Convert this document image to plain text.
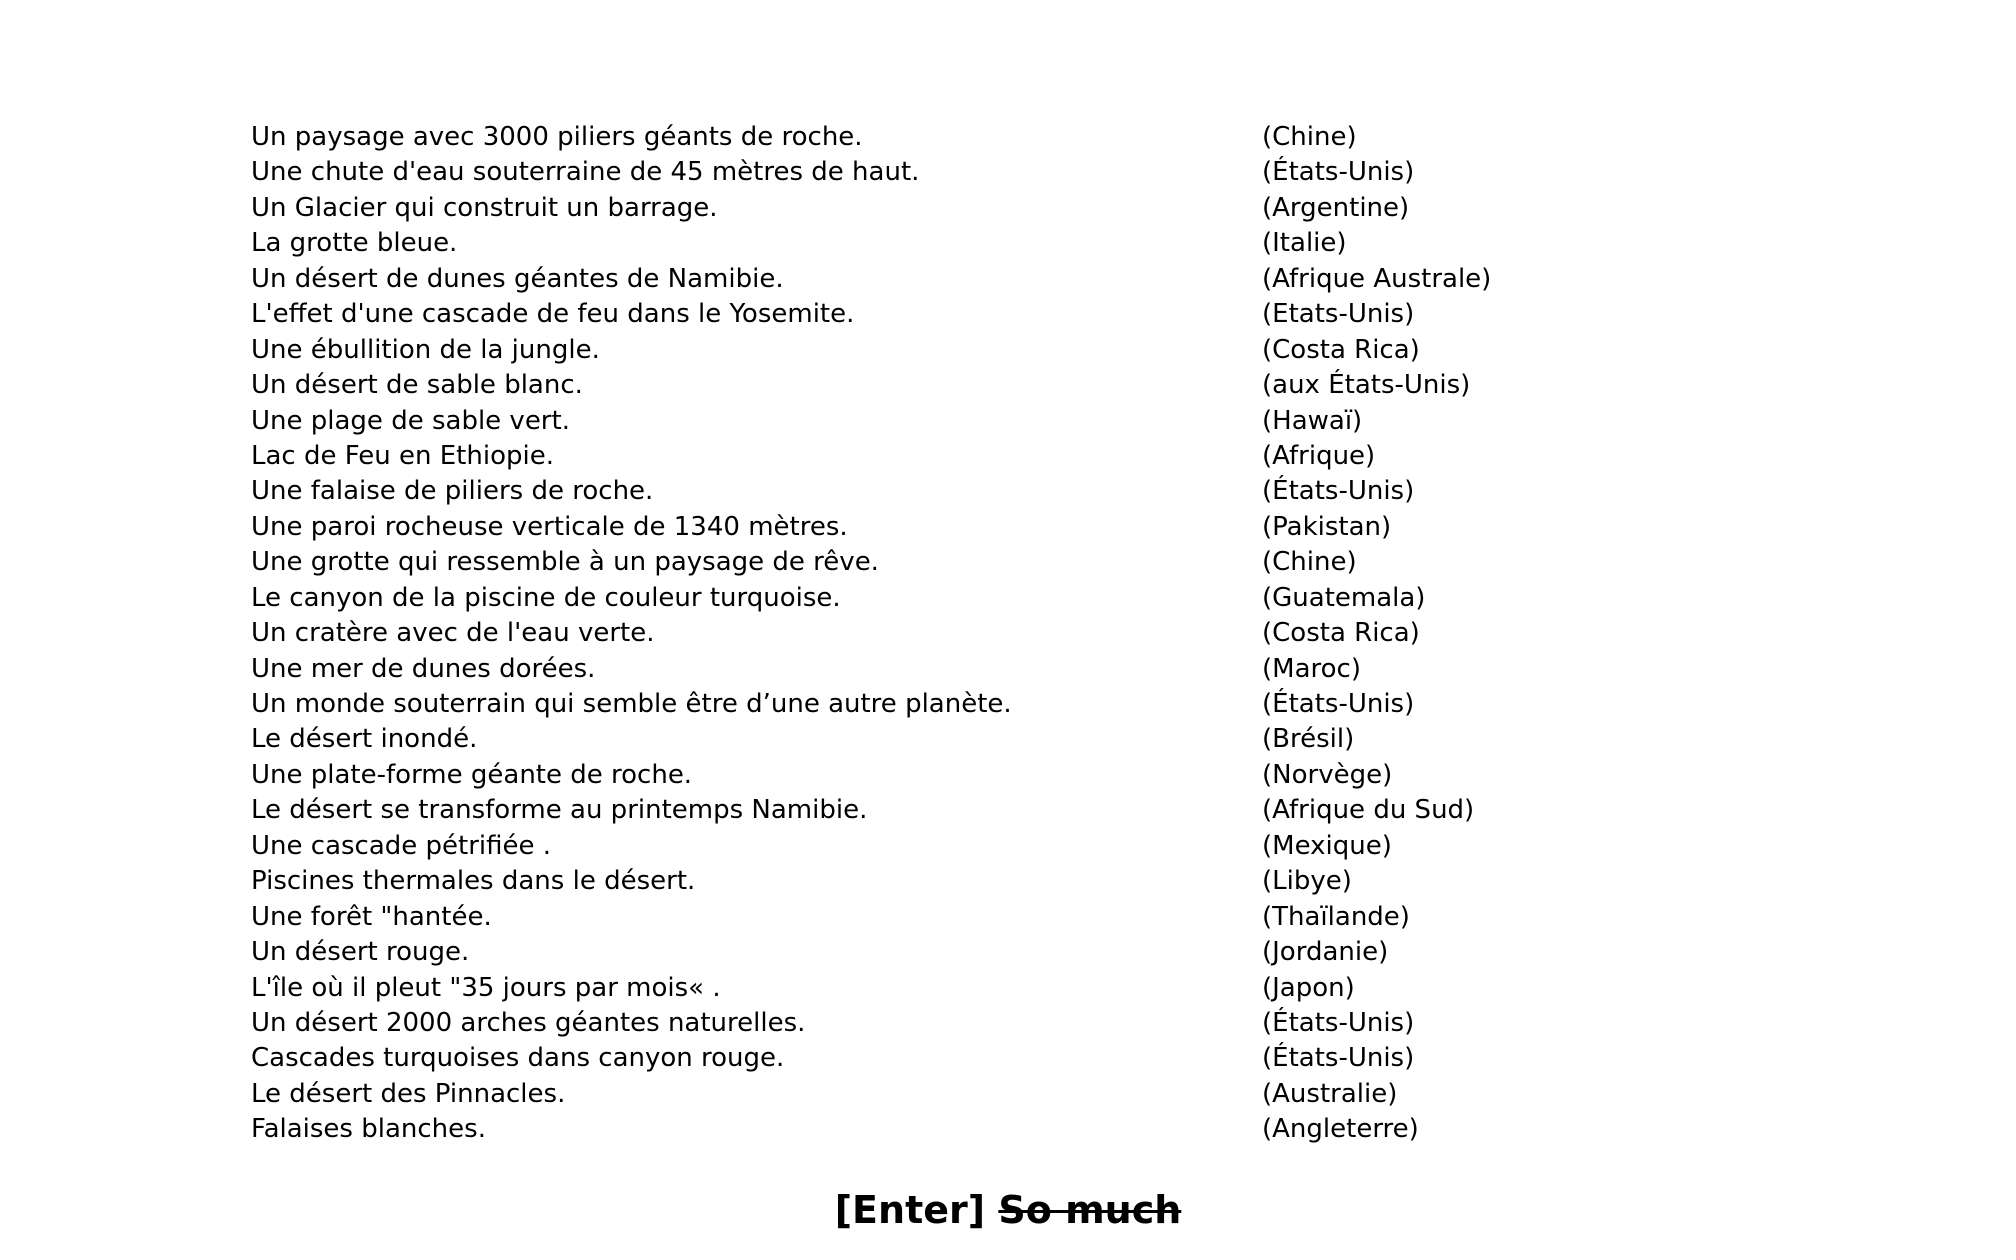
Un paysage avec 3000 piliers géants de roche.	(Chine)
Une chute d'eau souterraine de 45 mètres de haut.	(États-Unis)
Un Glacier qui construit un barrage.	(Argentine)
La grotte bleue.	(Italie)
Un désert de dunes géantes de Namibie.	(Afrique Australe)
L'effet d'une cascade de feu dans le Yosemite.	(Etats-Unis)
Une ébullition de la jungle.	(Costa Rica)
Un désert de sable blanc.	(aux États-Unis)
Une plage de sable vert.	(Hawaï)
Lac de Feu en Ethiopie.	(Afrique)
Une falaise de piliers de roche.	(États-Unis)
Une paroi rocheuse verticale de 1340 mètres.	(Pakistan)
Une grotte qui ressemble à un paysage de rêve.	(Chine)
Le canyon de la piscine de couleur turquoise.	(Guatemala)
Un cratère avec de l'eau verte.	(Costa Rica)
Une mer de dunes dorées.	(Maroc)
Un monde souterrain qui semble être d’une autre planète.	(États-Unis)
Le désert inondé.	(Brésil)
Une plate-forme géante de roche.	(Norvège)
Le désert se transforme au printemps Namibie.	(Afrique du Sud)
Une cascade pétrifiée .	(Mexique)
Piscines thermales dans le désert.	(Libye)
Une forêt "hantée.	(Thaïlande)
Un désert rouge.	(Jordanie)
L'île où il pleut "35 jours par mois« .	(Japon)
Un désert 2000 arches géantes naturelles.	(États-Unis)
Cascades turquoises dans canyon rouge.	(États-Unis)
Le désert des Pinnacles.	(Australie)
Falaises blanches.	(Angleterre)
[Enter] So much
